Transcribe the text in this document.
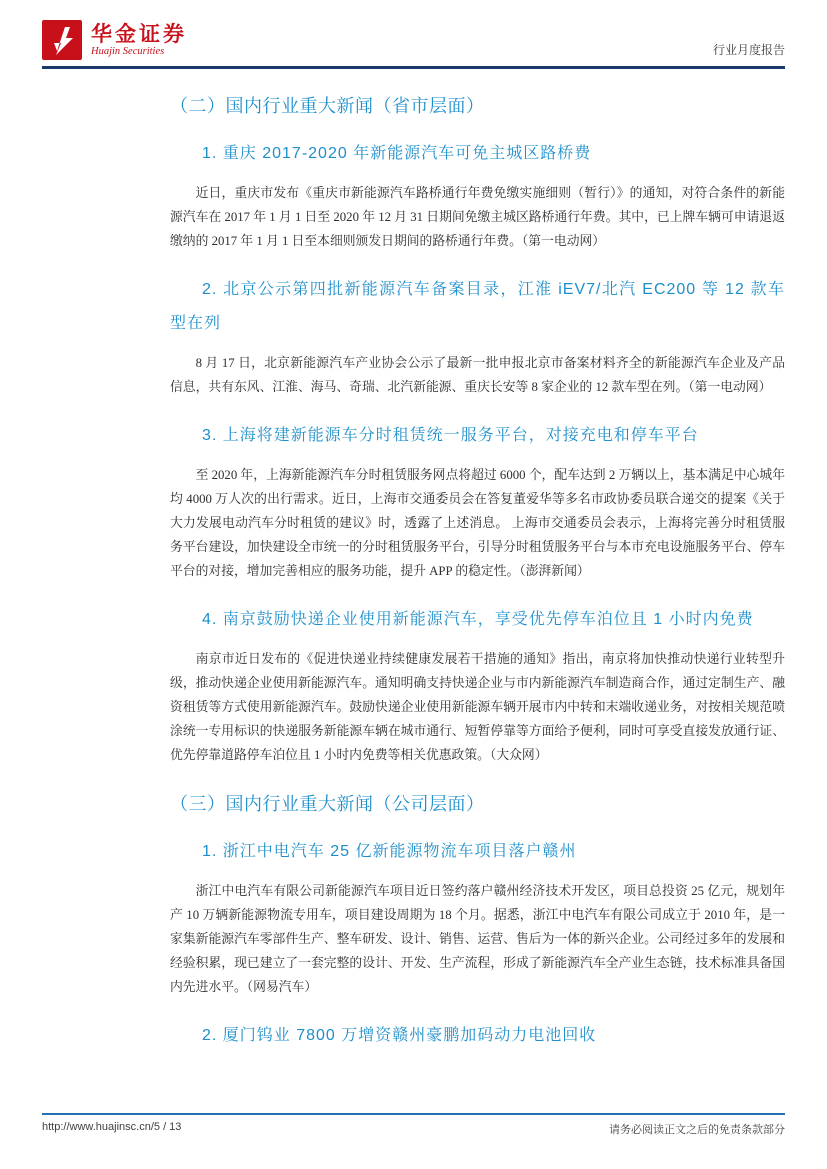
华金证券
Huajin Securities	行业月度报告
（二）国内行业重大新闻（省市层面）
1. 重庆 2017-2020 年新能源汽车可免主城区路桥费

近日，重庆市发布《重庆市新能源汽车路桥通行年费免缴实施细则（暂行）》的通知，对符合条件的新能源汽车在 2017 年 1 月 1 日至 2020 年 12 月 31 日期间免缴主城区路桥通行年费。其中，已上牌车辆可申请退返缴纳的 2017 年 1 月 1 日至本细则颁发日期间的路桥通行年费。（第一电动网）

2. 北京公示第四批新能源汽车备案目录，江淮 iEV7/北汽 EC200 等 12 款车型在列

8 月 17 日，北京新能源汽车产业协会公示了最新一批申报北京市备案材料齐全的新能源汽车企业及产品信息，共有东风、江淮、海马、奇瑞、北汽新能源、重庆长安等 8 家企业的 12 款车型在列。（第一电动网）

3. 上海将建新能源车分时租赁统一服务平台，对接充电和停车平台

至 2020 年，上海新能源汽车分时租赁服务网点将超过 6000 个，配车达到 2 万辆以上，基本满足中心城年均 4000 万人次的出行需求。近日，上海市交通委员会在答复董爱华等多名市政协委员联合递交的提案《关于大力发展电动汽车分时租赁的建议》时，透露了上述消息。 上海市交通委员会表示，上海将完善分时租赁服务平台建设，加快建设全市统一的分时租赁服务平台，引导分时租赁服务平台与本市充电设施服务平台、停车平台的对接，增加完善相应的服务功能，提升 APP 的稳定性。（澎湃新闻）

4. 南京鼓励快递企业使用新能源汽车，享受优先停车泊位且 1 小时内免费

南京市近日发布的《促进快递业持续健康发展若干措施的通知》指出，南京将加快推动快递行业转型升级，推动快递企业使用新能源汽车。通知明确支持快递企业与市内新能源汽车制造商合作，通过定制生产、融资租赁等方式使用新能源汽车。鼓励快递企业使用新能源车辆开展市内中转和末端收递业务，对按相关规范喷涂统一专用标识的快递服务新能源车辆在城市通行、短暂停靠等方面给予便利，同时可享受直接发放通行证、优先停靠道路停车泊位且 1 小时内免费等相关优惠政策。（大众网）

（三）国内行业重大新闻（公司层面）
1. 浙江中电汽车 25 亿新能源物流车项目落户赣州

浙江中电汽车有限公司新能源汽车项目近日签约落户赣州经济技术开发区，项目总投资 25 亿元，规划年产 10 万辆新能源物流专用车，项目建设周期为 18 个月。据悉，浙江中电汽车有限公司成立于 2010 年，是一家集新能源汽车零部件生产、整车研发、设计、销售、运营、售后为一体的新兴企业。公司经过多年的发展和经验积累，现已建立了一套完整的设计、开发、生产流程，形成了新能源汽车全产业生态链，技术标准具备国内先进水平。（网易汽车）

2. 厦门钨业 7800 万增资赣州豪鹏加码动力电池回收
http://www.huajinsc.cn/5 / 13	请务必阅读正文之后的免责条款部分
